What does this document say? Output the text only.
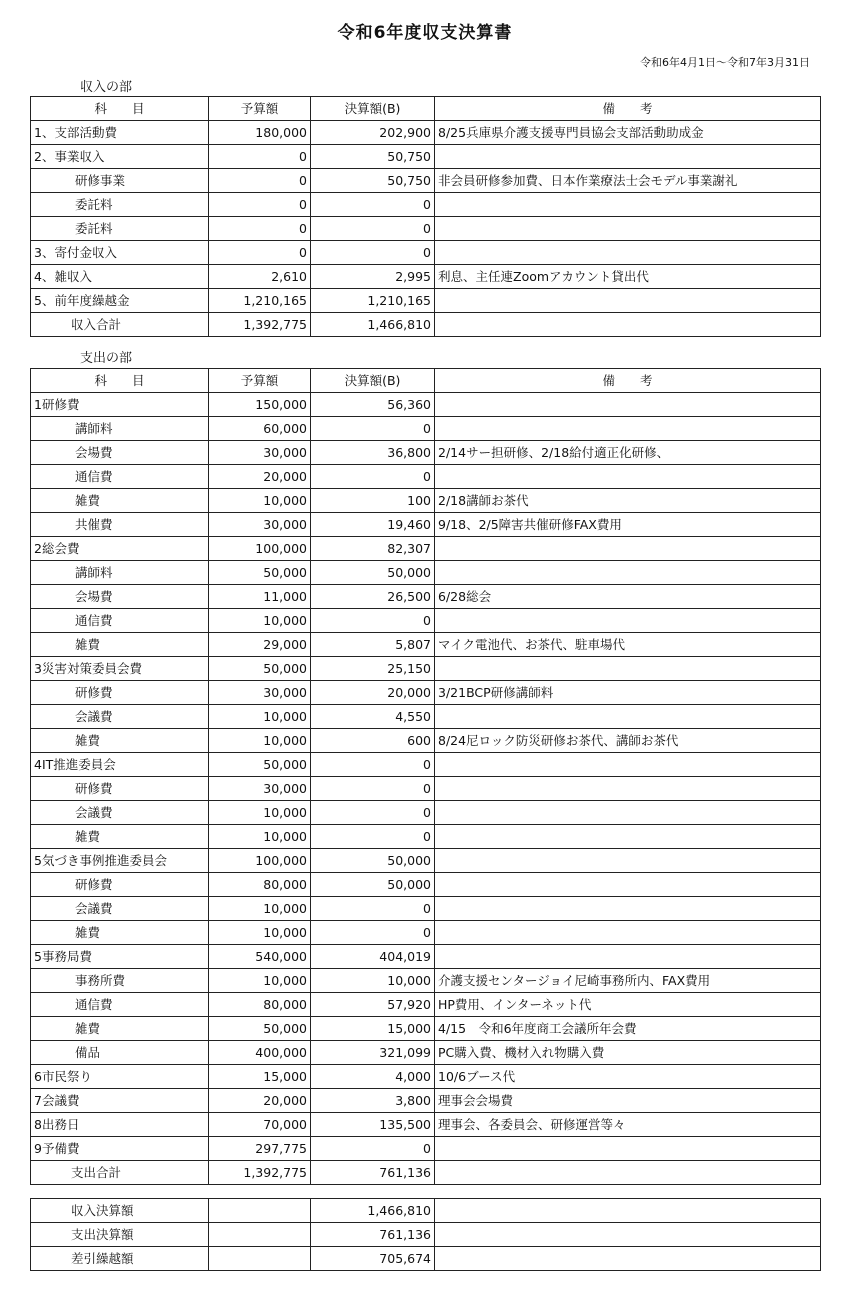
令和6年度収支決算書
令和6年4月1日～令和7年3月31日
収入の部
科　　目	予算額	決算額(B)	備　　考
1、支部活動費	180,000	202,900	8/25兵庫県介護支援専門員協会支部活動助成金
2、事業収入	0	50,750	
研修事業	0	50,750	非会員研修参加費、日本作業療法士会モデル事業謝礼
委託料	0	0	
委託料	0	0	
3、寄付金収入	0	0	
4、雑収入	2,610	2,995	利息、主任連Zoomアカウント貸出代
5、前年度繰越金	1,210,165	1,210,165	
収入合計	1,392,775	1,466,810	
支出の部
科　　目	予算額	決算額(B)	備　　考
1研修費	150,000	56,360	
講師料	60,000	0	
会場費	30,000	36,800	2/14サー担研修、2/18給付適正化研修、
通信費	20,000	0	
雑費	10,000	100	2/18講師お茶代
共催費	30,000	19,460	9/18、2/5障害共催研修FAX費用
2総会費	100,000	82,307	
講師料	50,000	50,000	
会場費	11,000	26,500	6/28総会
通信費	10,000	0	
雑費	29,000	5,807	マイク電池代、お茶代、駐車場代
3災害対策委員会費	50,000	25,150	
研修費	30,000	20,000	3/21BCP研修講師料
会議費	10,000	4,550	
雑費	10,000	600	8/24尼ロック防災研修お茶代、講師お茶代
4IT推進委員会	50,000	0	
研修費	30,000	0	
会議費	10,000	0	
雑費	10,000	0	
5気づき事例推進委員会	100,000	50,000	
研修費	80,000	50,000	
会議費	10,000	0	
雑費	10,000	0	
5事務局費	540,000	404,019	
事務所費	10,000	10,000	介護支援センタージョイ尼崎事務所内、FAX費用
通信費	80,000	57,920	HP費用、インターネット代
雑費	50,000	15,000	4/15　令和6年度商工会議所年会費
備品	400,000	321,099	PC購入費、機材入れ物購入費
6市民祭り	15,000	4,000	10/6ブース代
7会議費	20,000	3,800	理事会会場費
8出務日	70,000	135,500	理事会、各委員会、研修運営等々
9予備費	297,775	0	
支出合計	1,392,775	761,136	
収入決算額		1,466,810	
支出決算額		761,136	
差引繰越額		705,674	
